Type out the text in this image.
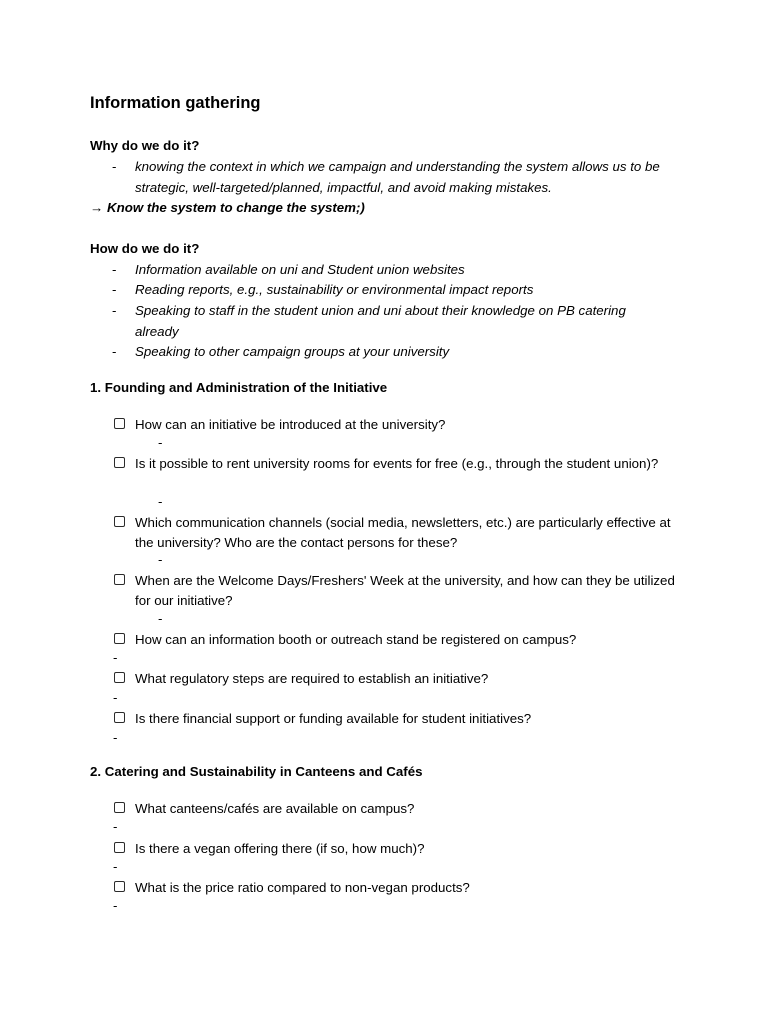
Information gathering
Why do we do it?
- knowing the context in which we campaign and understanding the system allows us to be strategic, well-targeted/planned, impactful, and avoid making mistakes.
→ Know the system to change the system;)
How do we do it?
- Information available on uni and Student union websites
- Reading reports, e.g., sustainability or environmental impact reports
- Speaking to staff in the student union and uni about their knowledge on PB catering already
- Speaking to other campaign groups at your university
1. Founding and Administration of the Initiative
How can an initiative be introduced at the university?
-
Is it possible to rent university rooms for events for free (e.g., through the student union)?
-
Which communication channels (social media, newsletters, etc.) are particularly effective at the university? Who are the contact persons for these?
-
When are the Welcome Days/Freshers' Week at the university, and how can they be utilized for our initiative?
-
How can an information booth or outreach stand be registered on campus?
-
What regulatory steps are required to establish an initiative?
-
Is there financial support or funding available for student initiatives?
-
2. Catering and Sustainability in Canteens and Cafés
What canteens/cafés are available on campus?
-
Is there a vegan offering there (if so, how much)?
-
What is the price ratio compared to non-vegan products?
-
